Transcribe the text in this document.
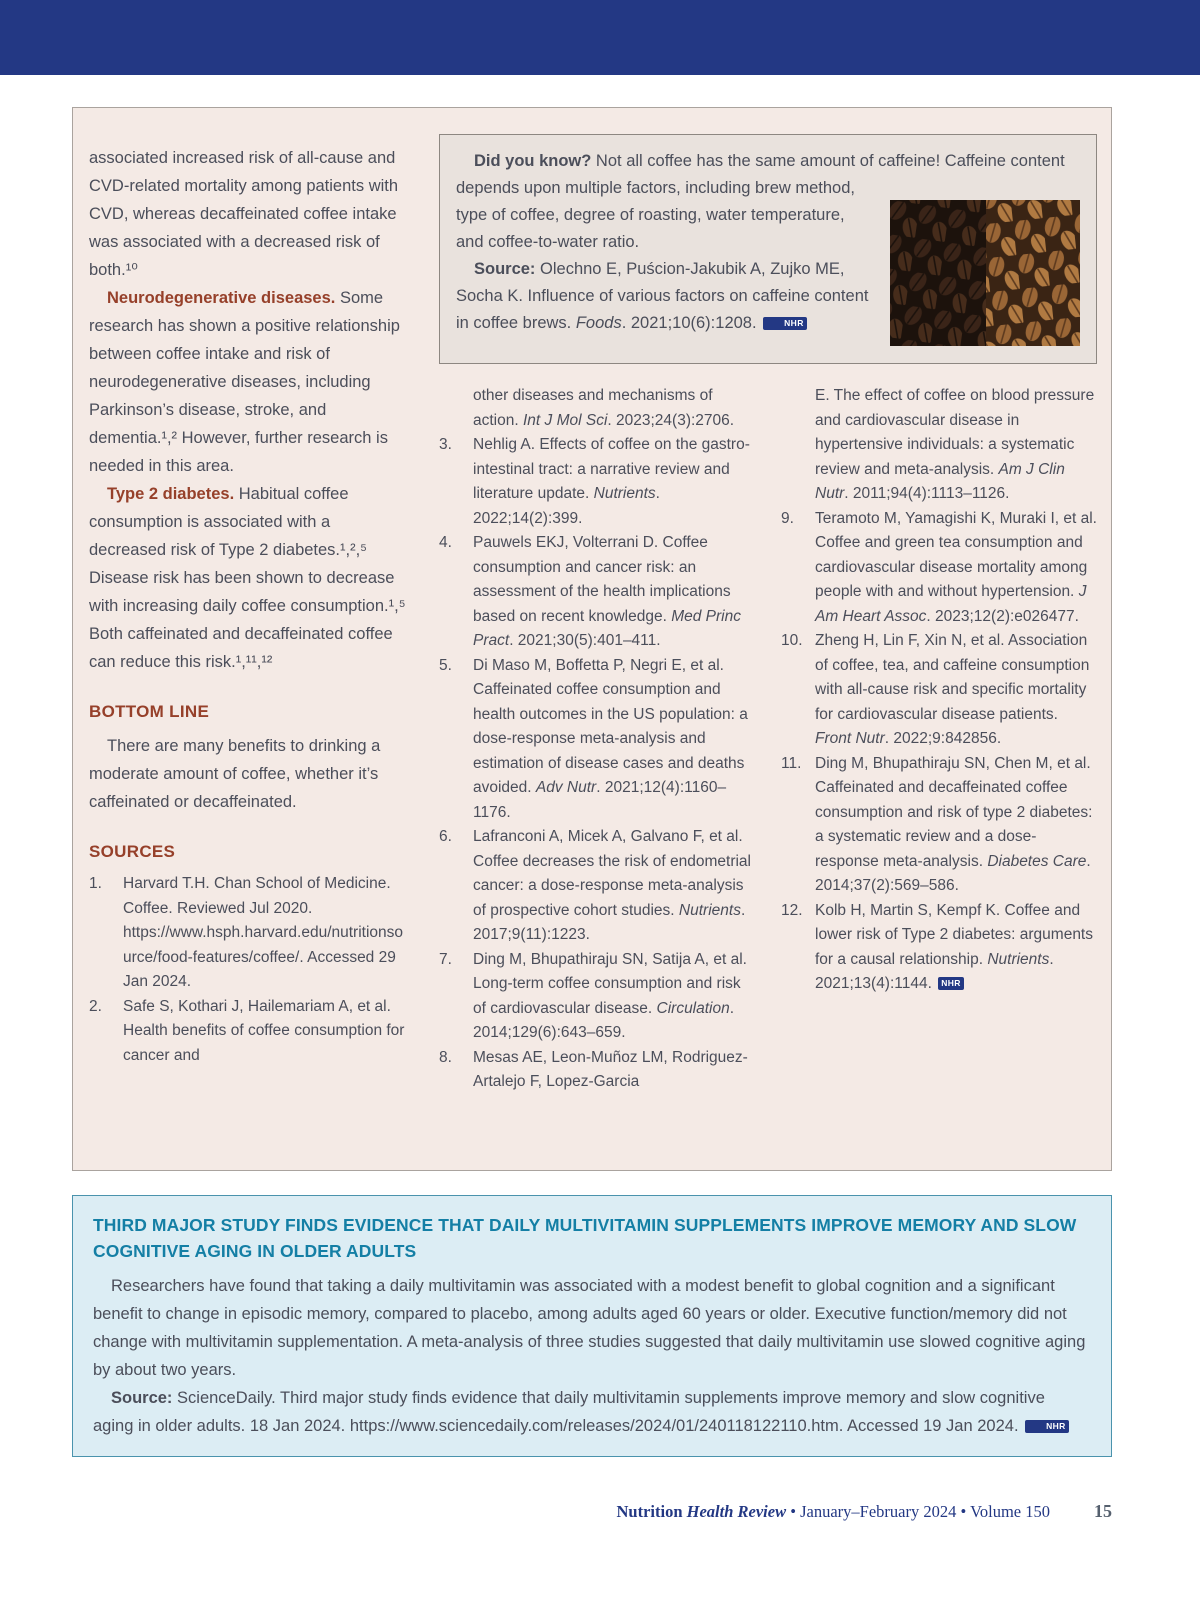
associated increased risk of all-cause and CVD-related mortality among patients with CVD, whereas decaffeinated coffee intake was associated with a decreased risk of both.¹⁰

Neurodegenerative diseases. Some research has shown a positive relationship between coffee intake and risk of neurodegenerative diseases, including Parkinson’s disease, stroke, and dementia.¹,² However, further research is needed in this area.

Type 2 diabetes. Habitual coffee consumption is associated with a decreased risk of Type 2 diabetes.¹,²,⁵ Disease risk has been shown to decrease with increasing daily coffee consumption.¹,⁵ Both caffeinated and decaffeinated coffee can reduce this risk.¹,¹¹,¹²

BOTTOM LINE

There are many benefits to drinking a moderate amount of coffee, whether it’s caffeinated or decaffeinated.

SOURCES
1.	Harvard T.H. Chan School of Medicine. Coffee. Reviewed Jul 2020. https://www.hsph.harvard.edu/nutritionsource/food-features/coffee/. Accessed 29 Jan 2024.
2.	Safe S, Kothari J, Hailemariam A, et al. Health benefits of coffee consumption for cancer and

Did you know? Not all coffee has the same amount of caffeine! Caffeine content depends upon multiple factors, including brew method, type of coffee, degree of roasting, water temperature, and coffee-to-water ratio.

Source: Olechno E, Puścion-Jakubik A, Zujko ME, Socha K. Influence of various factors on caffeine content in coffee brews. Foods. 2021;10(6):1208.	NHR

other diseases and mechanisms of action. Int J Mol Sci. 2023;24(3):2706.
3.	Nehlig A. Effects of coffee on the gastro-intestinal tract: a narrative review and literature update. Nutrients. 2022;14(2):399.
4.	Pauwels EKJ, Volterrani D. Coffee consumption and cancer risk: an assessment of the health implications based on recent knowledge. Med Princ Pract. 2021;30(5):401–411.
5.	Di Maso M, Boffetta P, Negri E, et al. Caffeinated coffee consumption and health outcomes in the US population: a dose-response meta-analysis and estimation of disease cases and deaths avoided. Adv Nutr. 2021;12(4):1160–1176.
6.	Lafranconi A, Micek A, Galvano F, et al. Coffee decreases the risk of endometrial cancer: a dose-response meta-analysis of prospective cohort studies. Nutrients. 2017;9(11):1223.
7.	Ding M, Bhupathiraju SN, Satija A, et al. Long-term coffee consumption and risk of cardiovascular disease. Circulation. 2014;129(6):643–659.
8.	Mesas AE, Leon-Muñoz LM, Rodriguez-Artalejo F, Lopez-Garcia
E. The effect of coffee on blood pressure and cardiovascular disease in hypertensive individuals: a systematic review and meta-analysis. Am J Clin Nutr. 2011;94(4):1113–1126.
9.	Teramoto M, Yamagishi K, Muraki I, et al. Coffee and green tea consumption and cardiovascular disease mortality among people with and without hypertension. J Am Heart Assoc. 2023;12(2):e026477.
10. Zheng H, Lin F, Xin N, et al. Association of coffee, tea, and caffeine consumption with all-cause risk and specific mortality for cardiovascular disease patients. Front Nutr. 2022;9:842856.
11. Ding M, Bhupathiraju SN, Chen M, et al. Caffeinated and decaffeinated coffee consumption and risk of type 2 diabetes: a systematic review and a dose-response meta-analysis. Diabetes Care. 2014;37(2):569–586.
12. Kolb H, Martin S, Kempf K. Coffee and lower risk of Type 2 diabetes: arguments for a causal relationship. Nutrients. 2021;13(4):1144. NHR
THIRD MAJOR STUDY FINDS EVIDENCE THAT DAILY MULTIVITAMIN SUPPLEMENTS IMPROVE MEMORY AND SLOW COGNITIVE AGING IN OLDER ADULTS

Researchers have found that taking a daily multivitamin was associated with a modest benefit to global cognition and a significant benefit to change in episodic memory, compared to placebo, among adults aged 60 years or older. Executive function/memory did not change with multivitamin supplementation. A meta-analysis of three studies suggested that daily multivitamin use slowed cognitive aging by about two years.

Source: ScienceDaily. Third major study finds evidence that daily multivitamin supplements improve memory and slow cognitive aging in older adults. 18 Jan 2024. https://www.sciencedaily.com/releases/2024/01/240118122110.htm. Accessed 19 Jan 2024.	NHR

Nutrition Health Review • January–February 2024 • Volume 150 15
